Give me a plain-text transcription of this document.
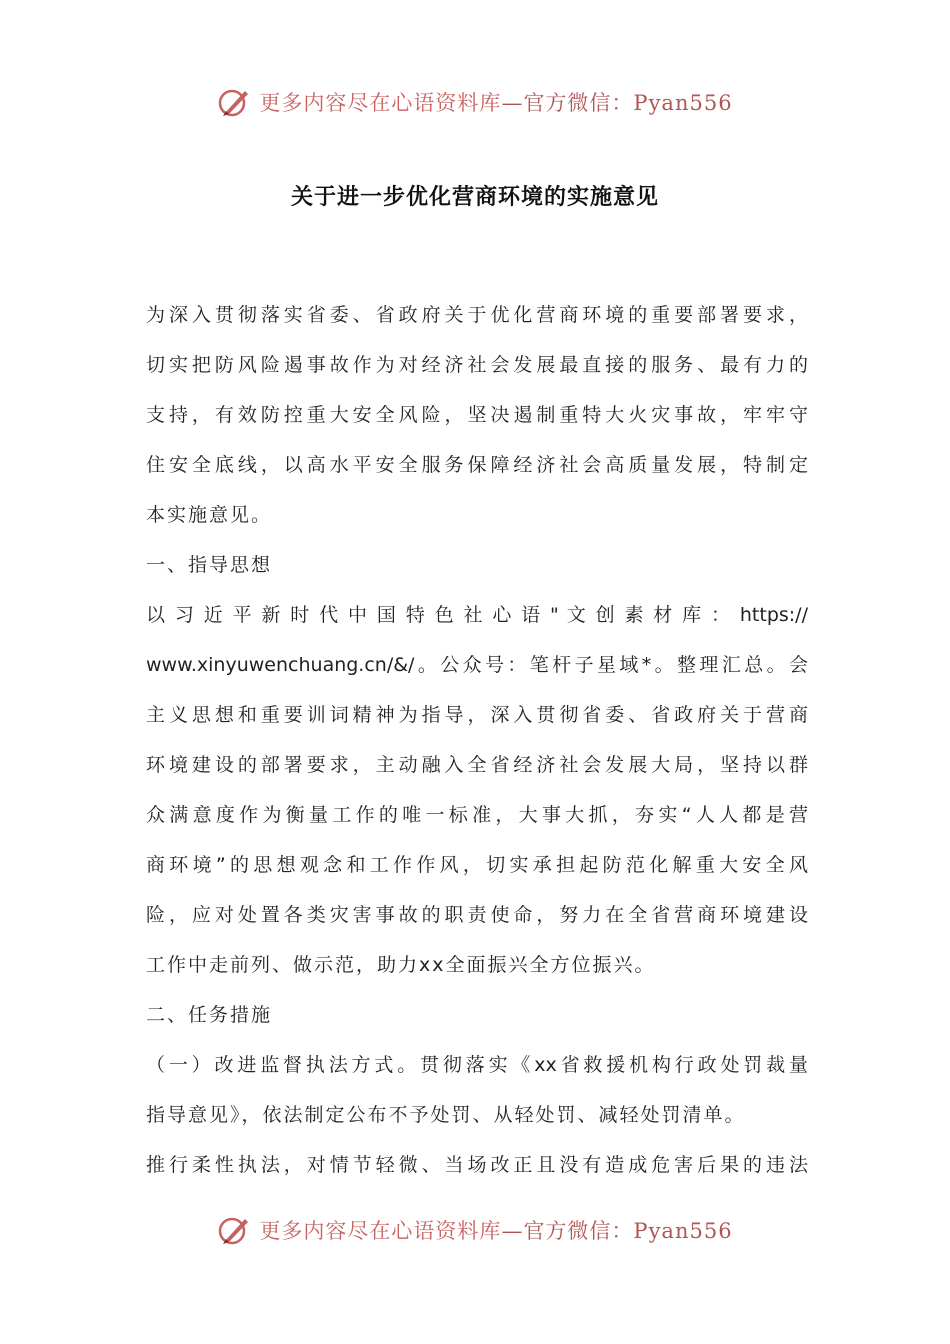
更多内容尽在心语资料库—官方微信：Pyan556
关于进一步优化营商环境的实施意见
为深入贯彻落实省委、省政府关于优化营商环境的重要部署要求，
切实把防风险遏事故作为对经济社会发展最直接的服务、最有力的
支持，有效防控重大安全风险，坚决遏制重特大火灾事故，牢牢守
住安全底线，以高水平安全服务保障经济社会高质量发展，特制定
本实施意见。
一、指导思想
以 习 近 平 新 时 代 中 国 特 色 社 心 语 " 文 创 素 材 库 ： https://
www.xinyuwenchuang.cn/&/。公众号：笔杆子星域*。整理汇总。会
主义思想和重要训词精神为指导，深入贯彻省委、省政府关于营商
环境建设的部署要求，主动融入全省经济社会发展大局，坚持以群
众满意度作为衡量工作的唯一标准，大事大抓，夯实“人人都是营
商环境”的思想观念和工作作风，切实承担起防范化解重大安全风
险，应对处置各类灾害事故的职责使命，努力在全省营商环境建设
工作中走前列、做示范，助力xx全面振兴全方位振兴。
二、任务措施
（一）改进监督执法方式。贯彻落实《xx省救援机构行政处罚裁量
指导意见》，依法制定公布不予处罚、从轻处罚、减轻处罚清单。
推行柔性执法，对情节轻微、当场改正且没有造成危害后果的违法
更多内容尽在心语资料库—官方微信：Pyan556
